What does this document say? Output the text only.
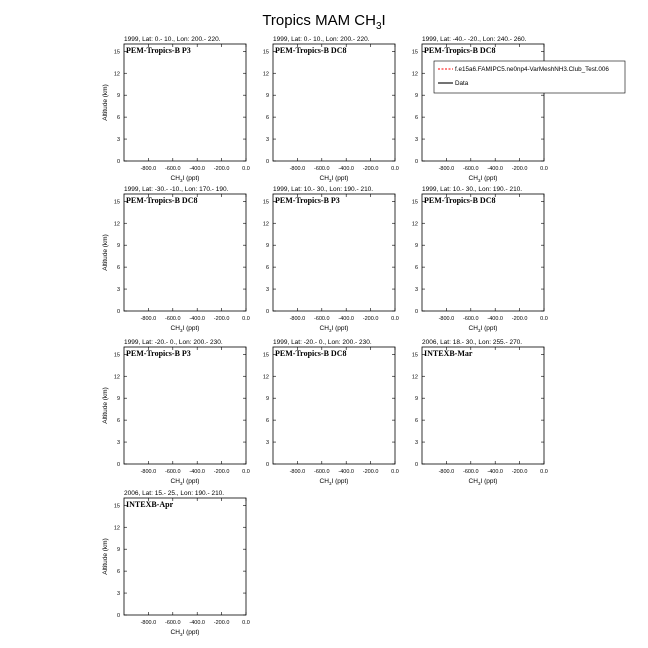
Tropics MAM $CH_3I$
1999, Lat: 0.- 10., Lon: 200.- 220.
PEM-Tropics-B P3
0
3
6
9
12
15
-800.0 -600.0 -400.0 -200.0 0.0
$CH_3I$ (ppt)
Altitude (km)
1999, Lat: 0.- 10., Lon: 200.- 220.
PEM-Tropics-B DC8
0
3
6
9
12
15
-800.0 -600.0 -400.0 -200.0 0.0
$CH_3I$ (ppt)
1999, Lat: -40.- -20., Lon: 240.- 260.
PEM-Tropics-B DC8
0
3
6
9
12
15
-800.0 -600.0 -400.0 -200.0 0.0
$CH_3I$ (ppt)
1999, Lat: -30.- -10., Lon: 170.- 190.
PEM-Tropics-B DC8
0
3
6
9
12
15
-800.0 -600.0 -400.0 -200.0 0.0
$CH_3I$ (ppt)
Altitude (km)
1999, Lat: 10.- 30., Lon: 190.- 210.
PEM-Tropics-B P3
0
3
6
9
12
15
-800.0 -600.0 -400.0 -200.0 0.0
$CH_3I$ (ppt)
1999, Lat: 10.- 30., Lon: 190.- 210.
PEM-Tropics-B DC8
0
3
6
9
12
15
-800.0 -600.0 -400.0 -200.0 0.0
$CH_3I$ (ppt)
1999, Lat: -20.- 0., Lon: 200.- 230.
PEM-Tropics-B P3
0
3
6
9
12
15
-800.0 -600.0 -400.0 -200.0 0.0
$CH_3I$ (ppt)
Altitude (km)
1999, Lat: -20.- 0., Lon: 200.- 230.
PEM-Tropics-B DC8
0
3
6
9
12
15
-800.0 -600.0 -400.0 -200.0 0.0
$CH_3I$ (ppt)
2006, Lat: 18.- 30., Lon: 255.- 270.
INTEXB-Mar
0
3
6
9
12
15
-800.0 -600.0 -400.0 -200.0 0.0
$CH_3I$ (ppt)
2006, Lat: 15.- 25., Lon: 190.- 210.
INTEXB-Apr
0
3
6
9
12
15
-800.0 -600.0 -400.0 -200.0 0.0
$CH_3I$ (ppt)
Altitude (km)
f.e15a6.FAMIPC5.ne0np4-VarMeshNH3.Club_Test.006
Data
